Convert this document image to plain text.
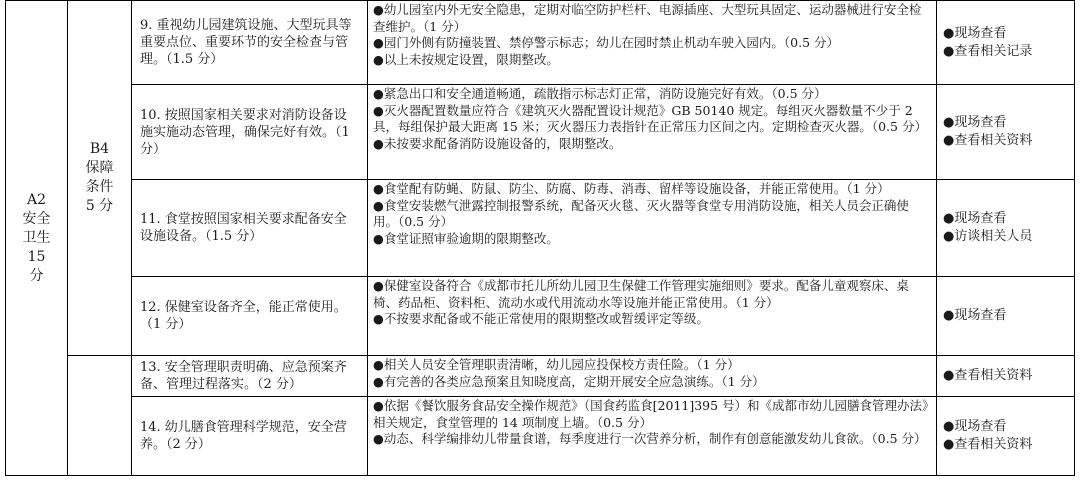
A2
安全
卫生
15
分
B4
保障
条件
5 分
9. 重视幼儿园建筑设施、大型玩具等重要点位、重要环节的安全检查与管理。（1.5 分）

●幼儿园室内外无安全隐患，定期对临空防护栏杆、电源插座、大型玩具固定、运动器械进行安全检查维护。（1 分）

●园门外侧有防撞装置、禁停警示标志；幼儿在园时禁止机动车驶入园内。（0.5 分）

●以上未按规定设置，限期整改。

●现场查看
●查看相关记录
10. 按照国家相关要求对消防设备设施实施动态管理，确保完好有效。（1 分）

●紧急出口和安全通道畅通，疏散指示标志灯正常，消防设施完好有效。（0.5 分）

●灭火器配置数量应符合《建筑灭火器配置设计规范》GB 50140 规定。每组灭火器数量不少于 2 具，每组保护最大距离 15 米；灭火器压力表指针在正常压力区间之内。定期检查灭火器。（0.5 分）

●未按要求配备消防设施设备的，限期整改。

●现场查看
●查看相关资料
11. 食堂按照国家相关要求配备安全设施设备。（1.5 分）

●食堂配有防蝇、防鼠、防尘、防腐、防毒、消毒、留样等设施设备，并能正常使用。（1 分）

●食堂安装燃气泄露控制报警系统，配备灭火毯、灭火器等食堂专用消防设施，相关人员会正确使用。（0.5 分）

●食堂证照审验逾期的限期整改。

●现场查看
●访谈相关人员
12. 保健室设备齐全，能正常使用。（1 分）

●保健室设备符合《成都市托儿所幼儿园卫生保健工作管理实施细则》要求。配备儿童观察床、桌椅、药品柜、资料柜、流动水或代用流动水等设施并能正常使用。（1 分）

●不按要求配备或不能正常使用的限期整改或暂缓评定等级。	●现场查看
13. 安全管理职责明确、应急预案齐备、管理过程落实。（2 分）

●相关人员安全管理职责清晰，幼儿园应投保校方责任险。（1 分）

●有完善的各类应急预案且知晓度高，定期开展安全应急演练。（1 分）	●查看相关资料
14. 幼儿膳食管理科学规范，安全营养。（2 分）

●依据《餐饮服务食品安全操作规范》（国食药监食[2011]395 号）和《成都市幼儿园膳食管理办法》相关规定，食堂管理的 14 项制度上墙。（0.5 分）

●动态、科学编排幼儿带量食谱，每季度进行一次营养分析，制作有创意能激发幼儿食欲。（0.5 分）

●现场查看
●查看相关资料
